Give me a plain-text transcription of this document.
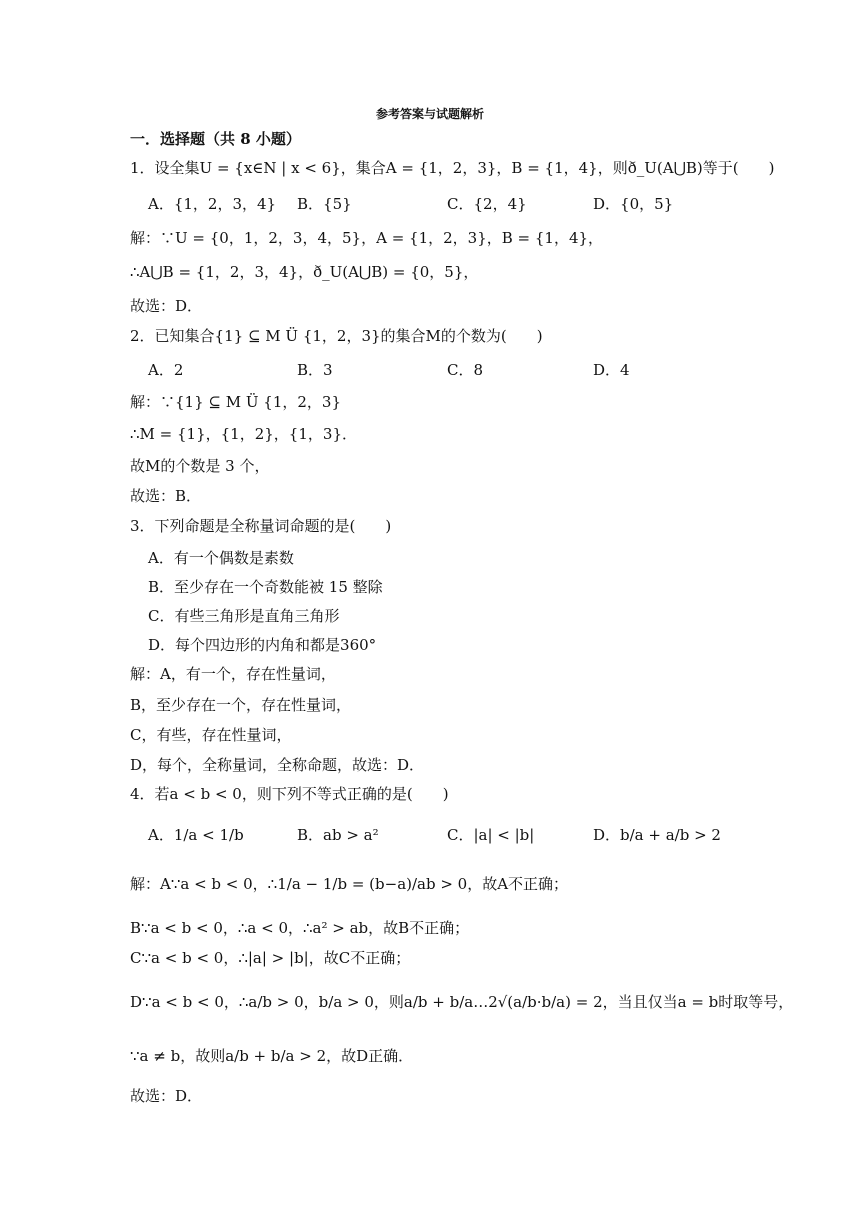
参考答案与试题解析
一．选择题（共 8 小题）
1．设全集U = {x∈N | x < 6}，集合A = {1，2，3}，B = {1，4}，则ð_U(A⋃B)等于(　　)
A．{1，2，3，4} B．{5}	C．{2，4}	D．{0，5}
解：∵U = {0，1，2，3，4，5}，A = {1，2，3}，B = {1，4}，
∴A⋃B = {1，2，3，4}，ð_U(A⋃B) = {0，5}，
故选：D．
2．已知集合{1} ⊆ M Ü {1，2，3}的集合M的个数为(　　)
A．2	B．3	C．8	D．4
解：∵{1} ⊆ M Ü {1，2，3}
∴M = {1}，{1，2}，{1，3}．
故M的个数是 3 个，
故选：B．
3．下列命题是全称量词命题的是(　　)
A．有一个偶数是素数
B．至少存在一个奇数能被 15 整除
C．有些三角形是直角三角形
D．每个四边形的内角和都是360°
解：A，有一个，存在性量词，
B，至少存在一个，存在性量词，
C，有些，存在性量词，
D，每个，全称量词，全称命题，故选：D．
4．若a < b < 0，则下列不等式正确的是(　　)
A．1/a < 1/b	B．ab > a²	C．|a| < |b|	D．b/a + a/b > 2
解：A∵a < b < 0，∴1/a − 1/b = (b−a)/ab > 0，故A不正确；
B∵a < b < 0，∴a < 0，∴a² > ab，故B不正确；
C∵a < b < 0，∴|a| > |b|，故C不正确；
D∵a < b < 0，∴a/b > 0，b/a > 0，则a/b + b/a…2√(a/b·b/a) = 2，当且仅当a = b时取等号，
∵a ≠ b，故则a/b + b/a > 2，故D正确．
故选：D．
